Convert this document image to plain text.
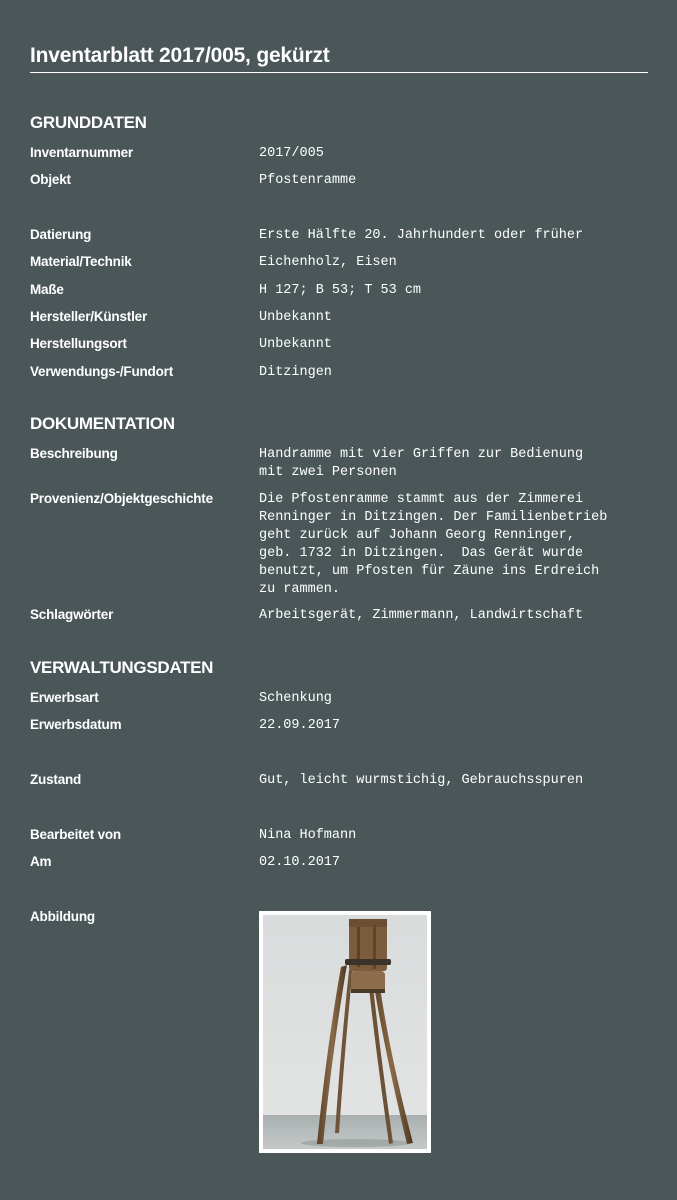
Inventarblatt 2017/005, gekürzt
GRUNDDATEN
Inventarnummer	2017/005
Objekt	Pfostenramme
Datierung	Erste Hälfte 20. Jahrhundert oder früher
Material/Technik	Eichenholz, Eisen
Maße	H 127; B 53; T 53 cm
Hersteller/Künstler	Unbekannt
Herstellungsort	Unbekannt
Verwendungs-/Fundort	Ditzingen
DOKUMENTATION
Beschreibung	Handramme mit vier Griffen zur Bedienung
mit zwei Personen
Provenienz/Objektgeschichte	Die Pfostenramme stammt aus der Zimmerei
Renninger in Ditzingen. Der Familienbetrieb
geht zurück auf Johann Georg Renninger,
geb. 1732 in Ditzingen.  Das Gerät wurde
benutzt, um Pfosten für Zäune ins Erdreich
zu rammen.
Schlagwörter	Arbeitsgerät, Zimmermann, Landwirtschaft
VERWALTUNGSDATEN
Erwerbsart	Schenkung
Erwerbsdatum	22.09.2017
Zustand	Gut, leicht wurmstichig, Gebrauchsspuren
Bearbeitet von	Nina Hofmann
Am	02.10.2017
Abbildung
